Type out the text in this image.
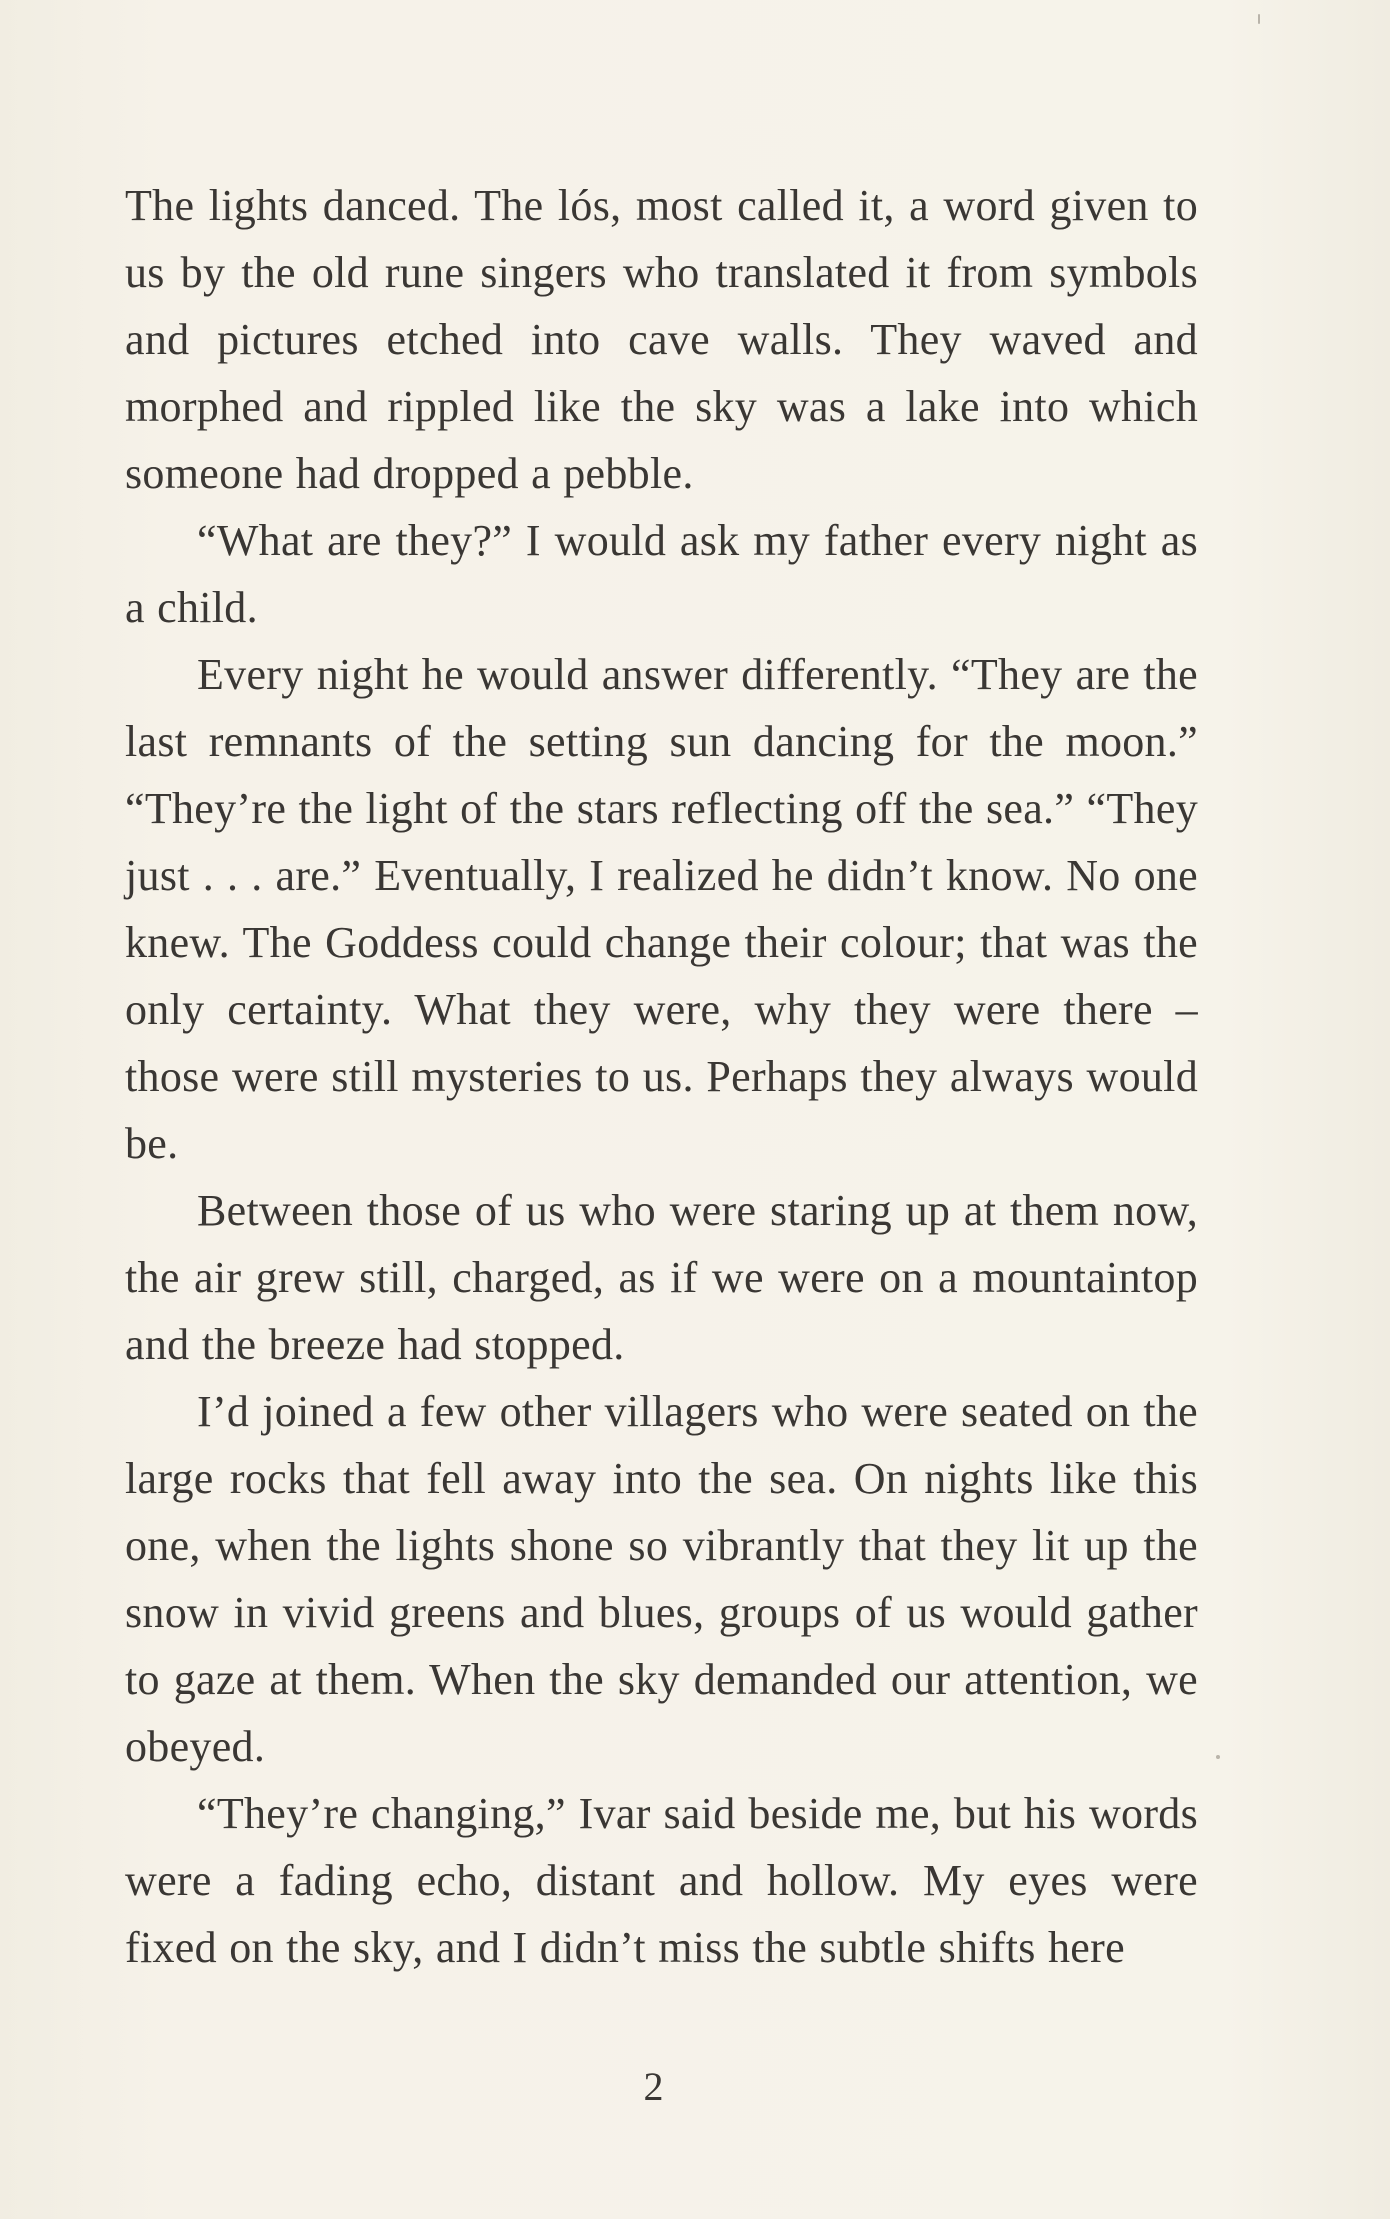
The lights danced. The lós, most called it, a word given to us by the old rune singers who translated it from symbols and pictures etched into cave walls. They waved and morphed and rippled like the sky was a lake into which someone had dropped a pebble.

“What are they?” I would ask my father every night as a child.

Every night he would answer differently. “They are the last remnants of the setting sun dancing for the moon.” “They’re the light of the stars reflecting off the sea.” “They just . . . are.” Eventually, I realized he didn’t know. No one knew. The Goddess could change their colour; that was the only certainty. What they were, why they were there – those were still mysteries to us. Perhaps they always would be.

Between those of us who were staring up at them now, the air grew still, charged, as if we were on a mountaintop and the breeze had stopped.

I’d joined a few other villagers who were seated on the large rocks that fell away into the sea. On nights like this one, when the lights shone so vibrantly that they lit up the snow in vivid greens and blues, groups of us would gather to gaze at them. When the sky demanded our attention, we obeyed.

“They’re changing,” Ivar said beside me, but his words were a fading echo, distant and hollow. My eyes were fixed on the sky, and I didn’t miss the subtle shifts here

2
